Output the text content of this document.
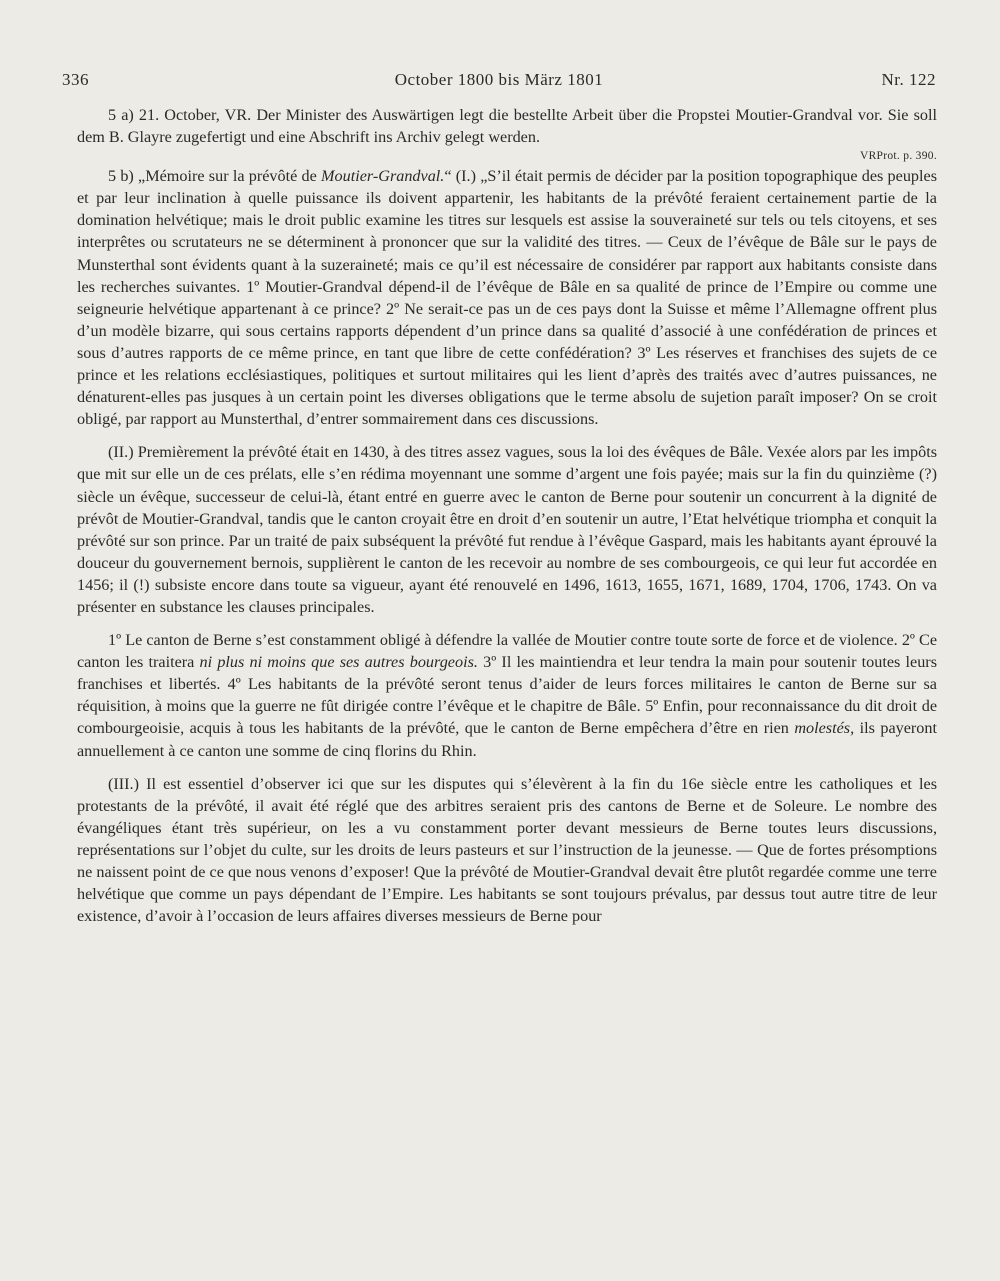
336	October 1800 bis März 1801	Nr. 122

5 a) 21. October, VR. Der Minister des Auswärtigen legt die bestellte Arbeit über die Propstei Moutier-Grandval vor. Sie soll dem B. Glayre zugefertigt und eine Abschrift ins Archiv gelegt werden.

VRProt. p. 390.

5 b) „Mémoire sur la prévôté de Moutier-Grandval.“ (I.) „S’il était permis de décider par la position topographique des peuples et par leur inclination à quelle puissance ils doivent appartenir, les habitants de la prévôté feraient certainement partie de la domination helvétique; mais le droit public examine les titres sur lesquels est assise la souveraineté sur tels ou tels citoyens, et ses interprêtes ou scrutateurs ne se déterminent à prononcer que sur la validité des titres. — Ceux de l’évêque de Bâle sur le pays de Munsterthal sont évidents quant à la suzeraineté; mais ce qu’il est nécessaire de considérer par rapport aux habitants consiste dans les recherches suivantes. 1º Moutier-Grandval dépend-il de l’évêque de Bâle en sa qualité de prince de l’Empire ou comme une seigneurie helvétique appartenant à ce prince? 2º Ne serait-ce pas un de ces pays dont la Suisse et même l’Allemagne offrent plus d’un modèle bizarre, qui sous certains rapports dépendent d’un prince dans sa qualité d’associé à une confédération de princes et sous d’autres rapports de ce même prince, en tant que libre de cette confédération? 3º Les réserves et franchises des sujets de ce prince et les relations ecclésiastiques, politiques et surtout militaires qui les lient d’après des traités avec d’autres puissances, ne dénaturent-elles pas jusques à un certain point les diverses obligations que le terme absolu de sujetion paraît imposer? On se croit obligé, par rapport au Munsterthal, d’entrer sommairement dans ces discussions.

(II.) Premièrement la prévôté était en 1430, à des titres assez vagues, sous la loi des évêques de Bâle. Vexée alors par les impôts que mit sur elle un de ces prélats, elle s’en rédima moyennant une somme d’argent une fois payée; mais sur la fin du quinzième (?) siècle un évêque, successeur de celui-là, étant entré en guerre avec le canton de Berne pour soutenir un concurrent à la dignité de prévôt de Moutier-Grandval, tandis que le canton croyait être en droit d’en soutenir un autre, l’Etat helvétique triompha et conquit la prévôté sur son prince. Par un traité de paix subséquent la prévôté fut rendue à l’évêque Gaspard, mais les habitants ayant éprouvé la douceur du gouvernement bernois, supplièrent le canton de les recevoir au nombre de ses combourgeois, ce qui leur fut accordée en 1456; il (!) subsiste encore dans toute sa vigueur, ayant été renouvelé en 1496, 1613, 1655, 1671, 1689, 1704, 1706, 1743. On va présenter en substance les clauses principales.

1º Le canton de Berne s’est constamment obligé à défendre la vallée de Moutier contre toute sorte de force et de violence. 2º Ce canton les traitera ni plus ni moins que ses autres bourgeois. 3º Il les maintiendra et leur tendra la main pour soutenir toutes leurs franchises et libertés. 4º Les habitants de la prévôté seront tenus d’aider de leurs forces militaires le canton de Berne sur sa réquisition, à moins que la guerre ne fût dirigée contre l’évêque et le chapitre de Bâle. 5º Enfin, pour reconnaissance du dit droit de combourgeoisie, acquis à tous les habitants de la prévôté, que le canton de Berne empêchera d’être en rien molestés, ils payeront annuellement à ce canton une somme de cinq florins du Rhin.

(III.) Il est essentiel d’observer ici que sur les disputes qui s’élevèrent à la fin du 16e siècle entre les catholiques et les protestants de la prévôté, il avait été réglé que des arbitres seraient pris des cantons de Berne et de Soleure. Le nombre des évangéliques étant très supérieur, on les a vu constamment porter devant messieurs de Berne toutes leurs discussions, représentations sur l’objet du culte, sur les droits de leurs pasteurs et sur l’instruction de la jeunesse. — Que de fortes présomptions ne naissent point de ce que nous venons d’exposer! Que la prévôté de Moutier-Grandval devait être plutôt regardée comme une terre helvétique que comme un pays dépendant de l’Empire. Les habitants se sont toujours prévalus, par dessus tout autre titre de leur existence, d’avoir à l’occasion de leurs affaires diverses messieurs de Berne pour
